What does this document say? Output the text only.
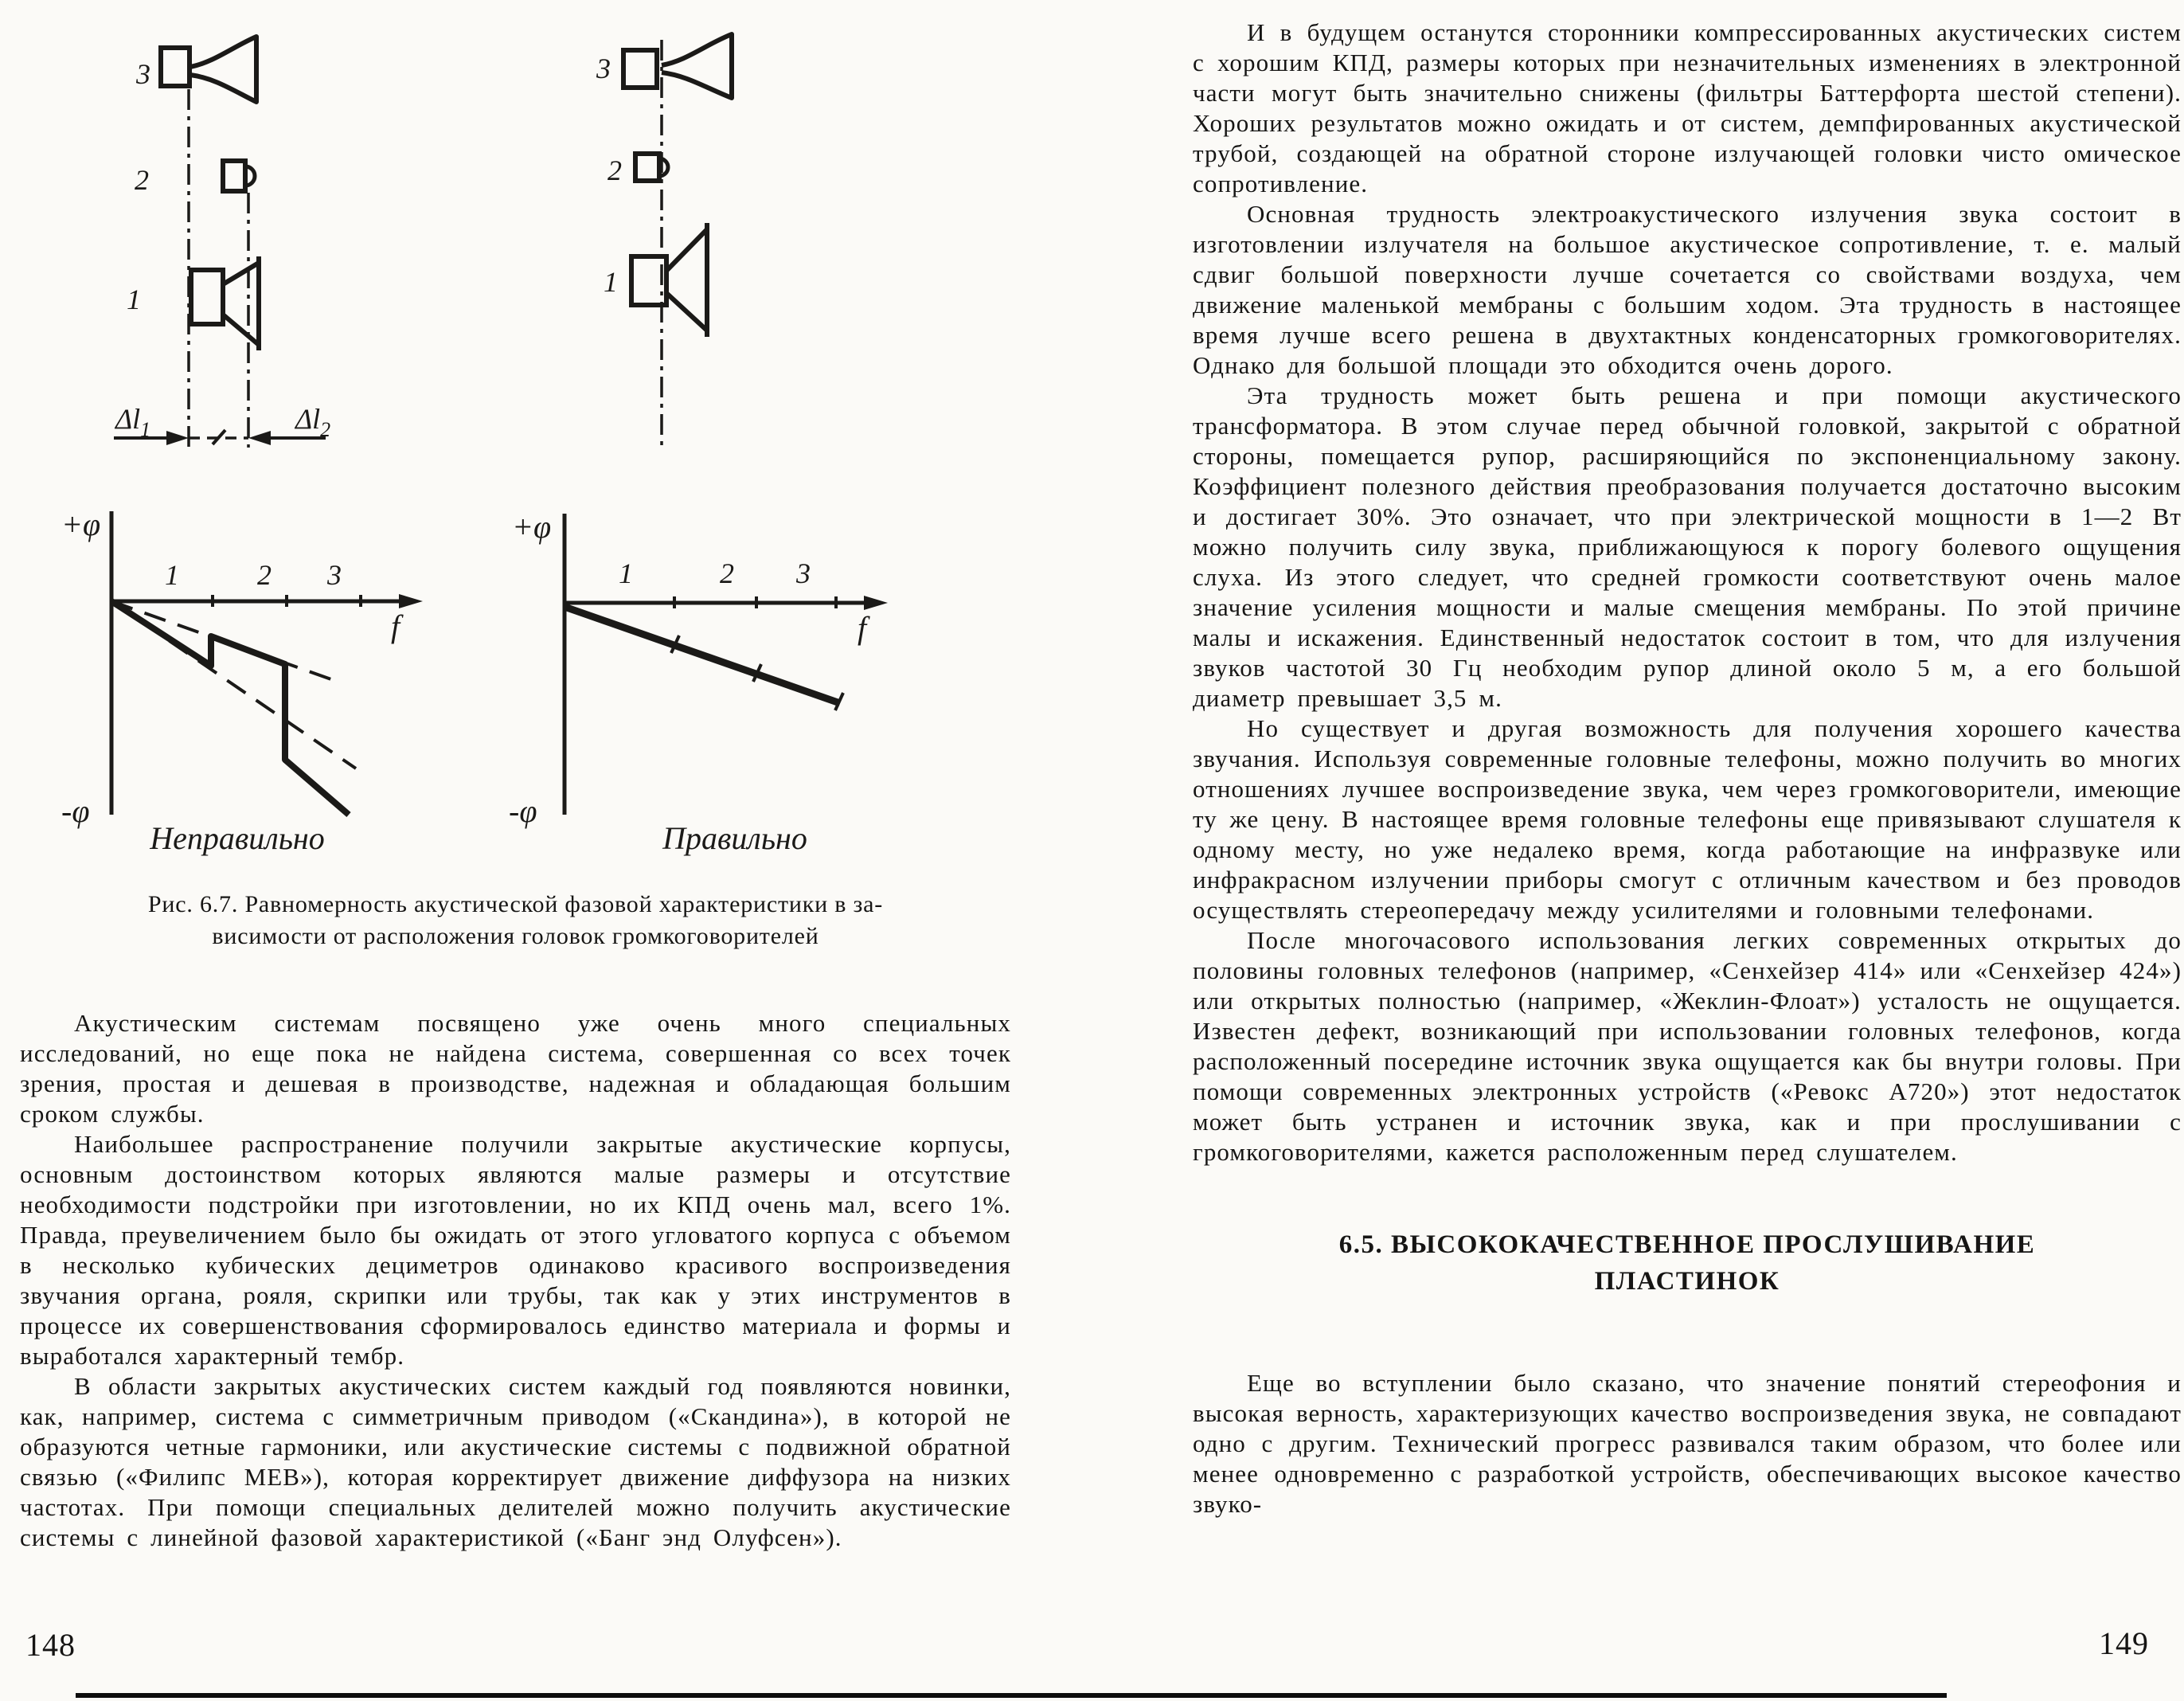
3
2
1
$\Delta l_1$	$\Delta l_2$
3
2
1
+φ
-φ
f
1	2 3
Неправильно
+φ
-φ
f
1	2 3
Правильно
Рис. 6.7. Равномерность акустической фазовой характеристики в за-
висимости от расположения головок громкоговорителей

Акустическим системам посвящено уже очень много специальных исследований, но еще пока не найдена система, совершенная со всех точек зрения, простая и дешевая в производстве, надежная и обладающая большим сроком службы.

Наибольшее распространение получили закрытые акустические корпусы, основным достоинством которых являются малые размеры и отсутствие необходимости подстройки при изготовлении, но их КПД очень мал, всего 1%. Правда, преувеличением было бы ожидать от этого угловатого корпуса с объемом в несколько кубических дециметров одинаково красивого воспроизведения звучания органа, рояля, скрипки или трубы, так как у этих инструментов в процессе их совершенствования сформировалось единство материала и формы и выработался характерный тембр.

В области закрытых акустических систем каждый год появляются новинки, как, например, система с симметричным приводом («Скандина»), в которой не образуются четные гармоники, или акустические системы с подвижной обратной связью («Филипс МЕВ»), которая корректирует движение диффузора на низких частотах. При помощи специальных делителей можно получить акустические системы с линейной фазовой характеристикой («Банг энд Олуфсен»).

И в будущем останутся сторонники компрессированных акустических систем с хорошим КПД, размеры которых при незначительных изменениях в электронной части могут быть значительно снижены (фильтры Баттерфорта шестой степени). Хороших результатов можно ожидать и от систем, демпфированных акустической трубой, создающей на обратной стороне излучающей головки чисто омическое сопротивление.

Основная трудность электроакустического излучения звука состоит в изготовлении излучателя на большое акустическое сопротивление, т. е. малый сдвиг большой поверхности лучше сочетается со свойствами воздуха, чем движение маленькой мембраны с большим ходом. Эта трудность в настоящее время лучше всего решена в двухтактных конденсаторных громкоговорителях. Однако для большой площади это обходится очень дорого.

Эта трудность может быть решена и при помощи акустического трансформатора. В этом случае перед обычной головкой, закрытой с обратной стороны, помещается рупор, расширяющийся по экспоненциальному закону. Коэффициент полезного действия преобразования получается достаточно высоким и достигает 30%. Это означает, что при электрической мощности в 1—2 Вт можно получить силу звука, приближающуюся к порогу болевого ощущения слуха. Из этого следует, что средней громкости соответствуют очень малое значение усиления мощности и малые смещения мембраны. По этой причине малы и искажения. Единственный недостаток состоит в том, что для излучения звуков частотой 30 Гц необходим рупор длиной около 5 м, а его большой диаметр превышает 3,5 м.

Но существует и другая возможность для получения хорошего качества звучания. Используя современные головные телефоны, можно получить во многих отношениях лучшее воспроизведение звука, чем через громкоговорители, имеющие ту же цену. В настоящее время головные телефоны еще привязывают слушателя к одному месту, но уже недалеко время, когда работающие на инфразвуке или инфракрасном излучении приборы смогут с отличным качеством и без проводов осуществлять стереопередачу между усилителями и головными телефонами.

После многочасового использования легких современных открытых до половины головных телефонов (например, «Сенхейзер 414» или «Сенхейзер 424») или открытых полностью (например, «Жеклин-Флоат») усталость не ощущается. Известен дефект, возникающий при использовании головных телефонов, когда расположенный посередине источник звука ощущается как бы внутри головы. При помощи современных электронных устройств («Ревокс А720») этот недостаток может быть устранен и источник звука, как и при прослушивании с громкоговорителями, кажется расположенным перед слушателем.

6.5. ВЫСОКОКАЧЕСТВЕННОЕ ПРОСЛУШИВАНИЕ
ПЛАСТИНОК

Еще во вступлении было сказано, что значение понятий стереофония и высокая верность, характеризующих качество воспроизведения звука, не совпадают одно с другим. Технический прогресс развивался таким образом, что более или менее одновременно с разработкой устройств, обеспечивающих высокое качество звуко-

148	149
